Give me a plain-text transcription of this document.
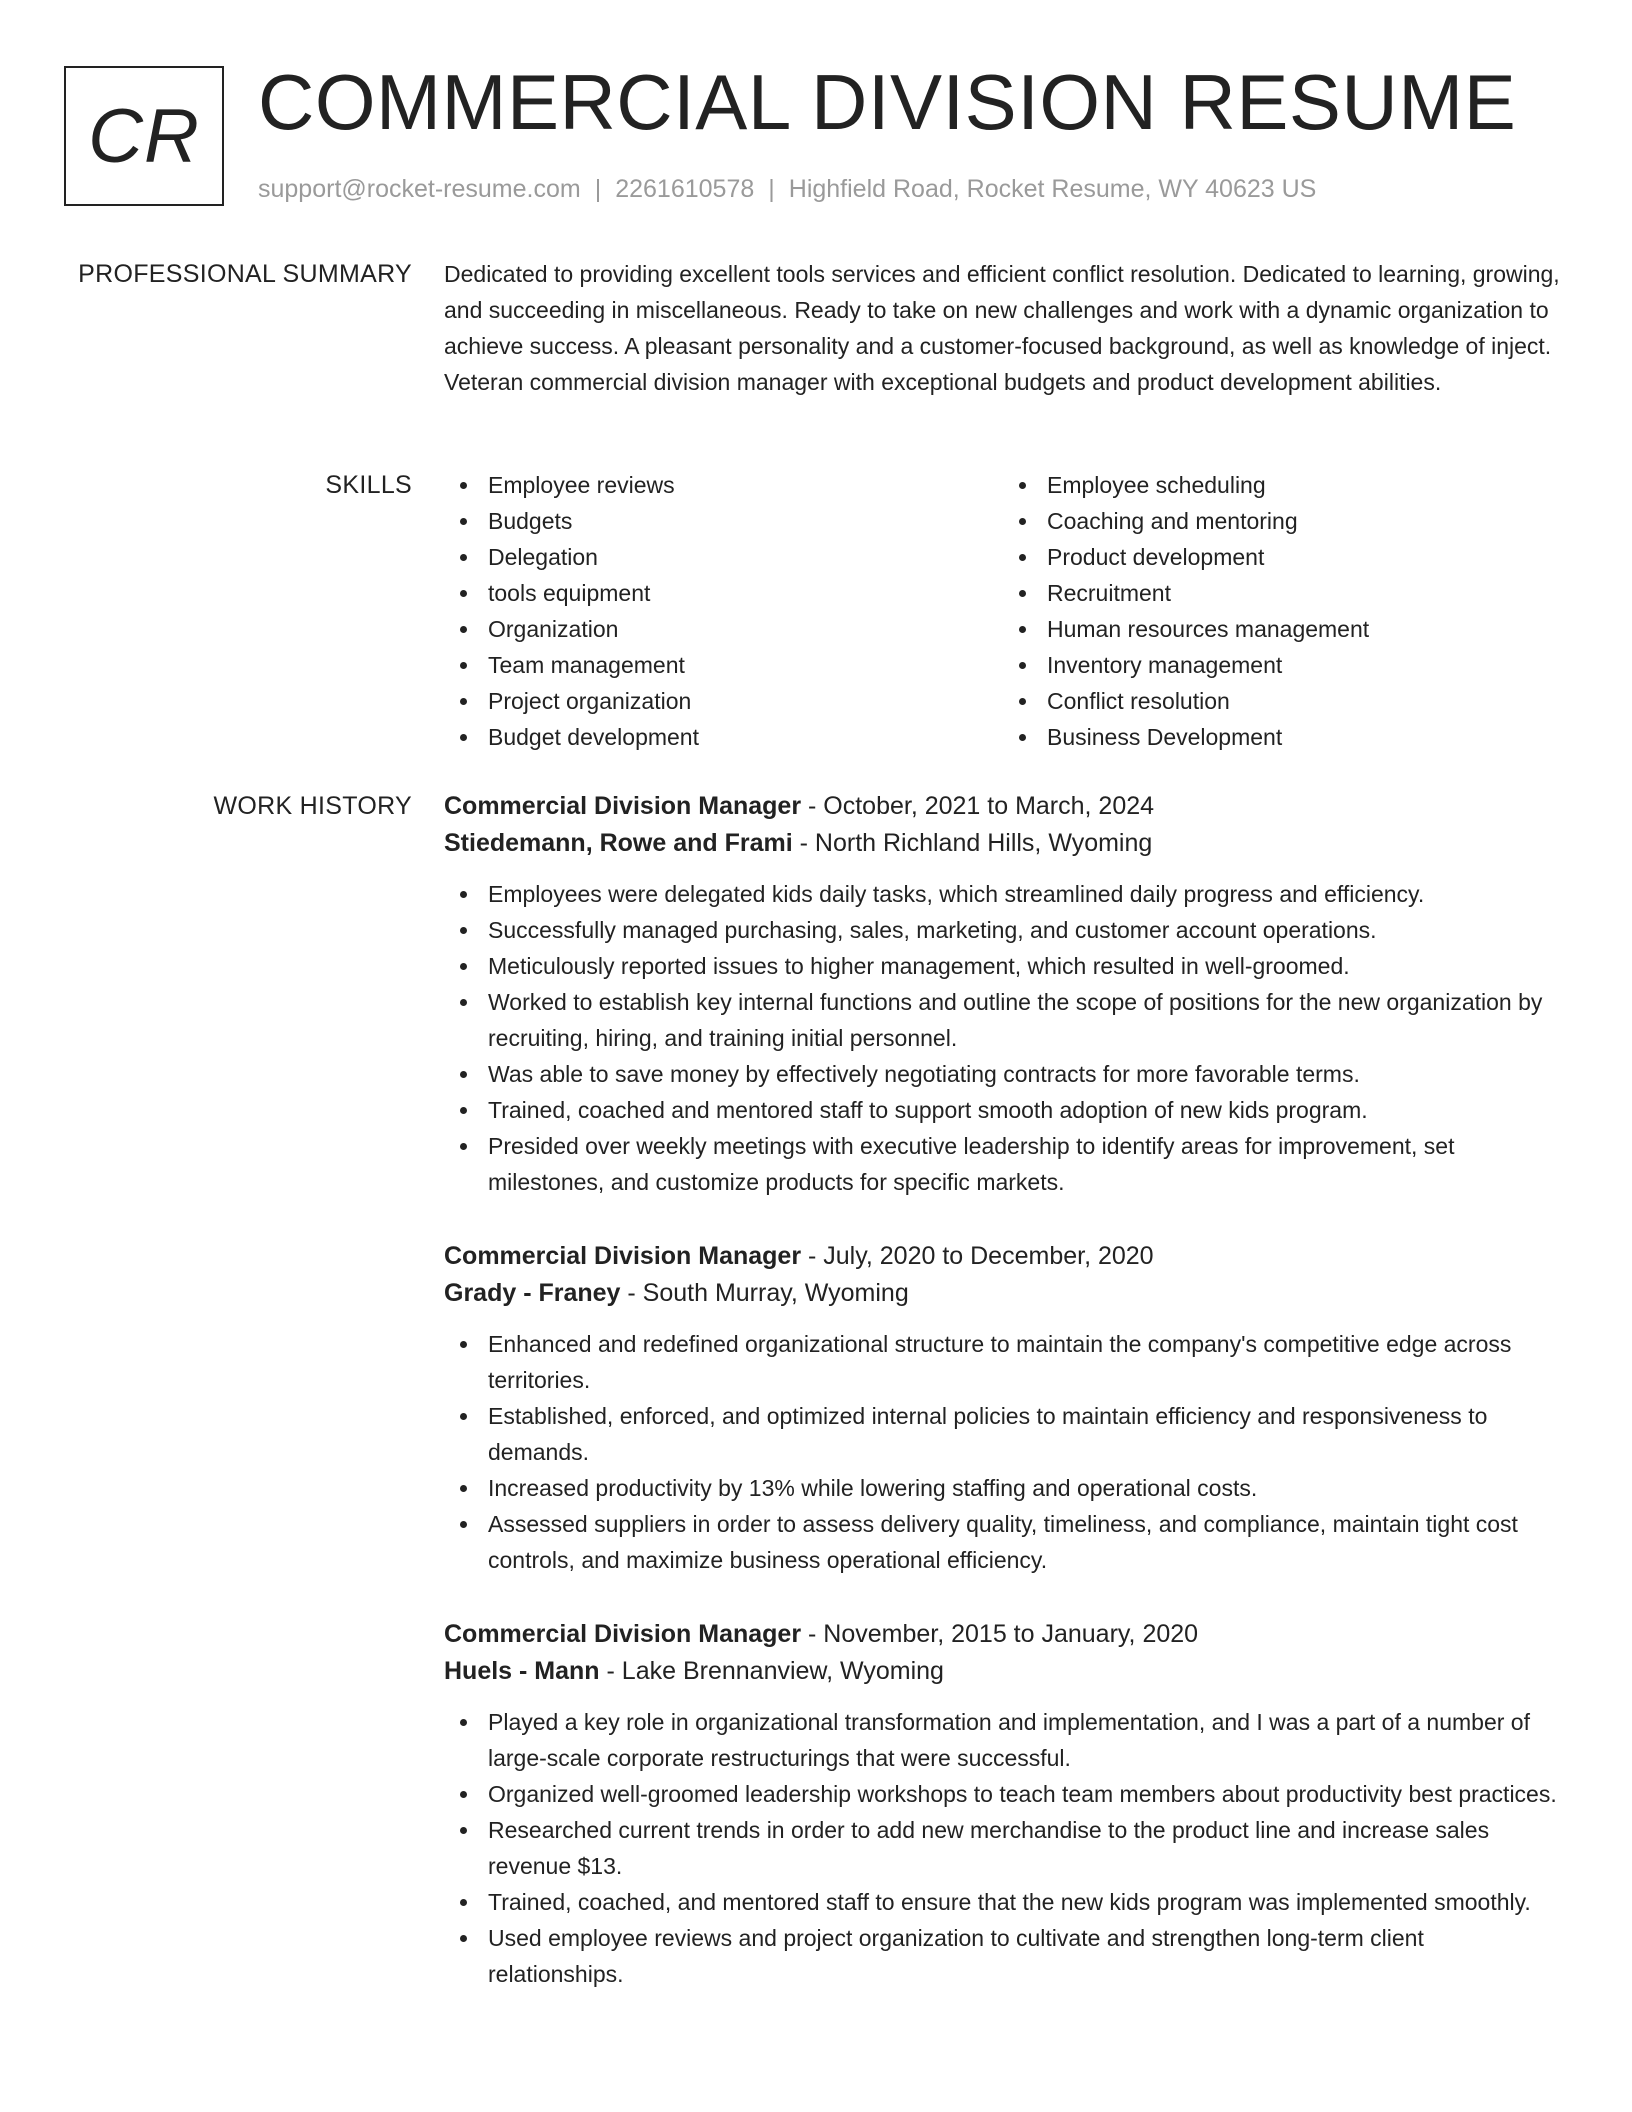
CR COMMERCIAL DIVISION RESUME
support@rocket-resume.com | 2261610578 | Highfield Road, Rocket Resume, WY 40623 US
PROFESSIONAL SUMMARY Dedicated to providing excellent tools services and efficient conflict resolution. Dedicated to learning, growing, and succeeding in miscellaneous. Ready to take on new challenges and work with a dynamic organization to achieve success. A pleasant personality and a customer-focused background, as well as knowledge of inject. Veteran commercial division manager with exceptional budgets and product development abilities.

SKILLS	Employee reviews
Budgets
Delegation
tools equipment
Organization
Team management
Project organization
Budget development
Employee scheduling
Coaching and mentoring
Product development
Recruitment
Human resources management
Inventory management
Conflict resolution
Business Development
WORK HISTORY Commercial Division Manager - October, 2021 to March, 2024
Stiedemann, Rowe and Frami - North Richland Hills, Wyoming
Employees were delegated kids daily tasks, which streamlined daily progress and efficiency.
Successfully managed purchasing, sales, marketing, and customer account operations.
Meticulously reported issues to higher management, which resulted in well-groomed.
Worked to establish key internal functions and outline the scope of positions for the new organization by recruiting, hiring, and training initial personnel.
Was able to save money by effectively negotiating contracts for more favorable terms.
Trained, coached and mentored staff to support smooth adoption of new kids program.
Presided over weekly meetings with executive leadership to identify areas for improvement, set milestones, and customize products for specific markets.
Commercial Division Manager - July, 2020 to December, 2020
Grady - Franey - South Murray, Wyoming
Enhanced and redefined organizational structure to maintain the company's competitive edge across territories.
Established, enforced, and optimized internal policies to maintain efficiency and responsiveness to demands.
Increased productivity by 13% while lowering staffing and operational costs.
Assessed suppliers in order to assess delivery quality, timeliness, and compliance, maintain tight cost controls, and maximize business operational efficiency.
Commercial Division Manager - November, 2015 to January, 2020
Huels - Mann - Lake Brennanview, Wyoming
Played a key role in organizational transformation and implementation, and I was a part of a number of large-scale corporate restructurings that were successful.
Organized well-groomed leadership workshops to teach team members about productivity best practices.
Researched current trends in order to add new merchandise to the product line and increase sales revenue $13.
Trained, coached, and mentored staff to ensure that the new kids program was implemented smoothly.
Used employee reviews and project organization to cultivate and strengthen long-term client relationships.
